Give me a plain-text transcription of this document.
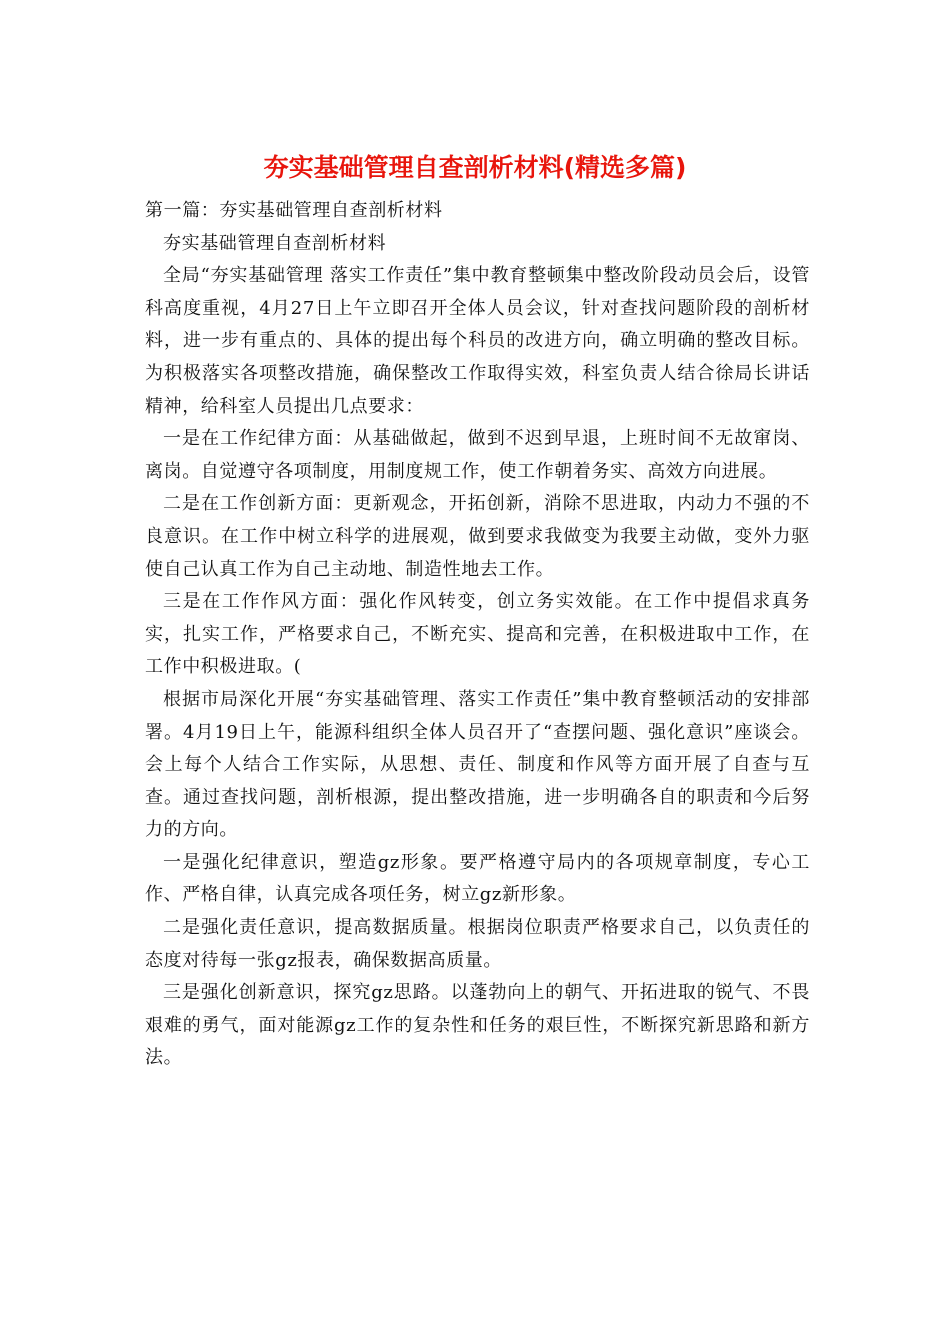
夯实基础管理自查剖析材料(精选多篇)

第一篇：夯实基础管理自查剖析材料

夯实基础管理自查剖析材料

全局“夯实基础管理 落实工作责任”集中教育整顿集中整改阶段动员会后，设管科高度重视，4月27日上午立即召开全体人员会议，针对查找问题阶段的剖析材料，进一步有重点的、具体的提出每个科员的改进方向，确立明确的整改目标。为积极落实各项整改措施，确保整改工作取得实效，科室负责人结合徐局长讲话精神，给科室人员提出几点要求：

一是在工作纪律方面：从基础做起，做到不迟到早退，上班时间不无故窜岗、离岗。自觉遵守各项制度，用制度规工作，使工作朝着务实、高效方向进展。

二是在工作创新方面：更新观念，开拓创新，消除不思进取，内动力不强的不良意识。在工作中树立科学的进展观，做到要求我做变为我要主动做，变外力驱使自己认真工作为自己主动地、制造性地去工作。

三是在工作作风方面：强化作风转变，创立务实效能。在工作中提倡求真务实，扎实工作，严格要求自己，不断充实、提高和完善，在积极进取中工作，在工作中积极进取。(

根据市局深化开展“夯实基础管理、落实工作责任”集中教育整顿活动的安排部署。4月19日上午，能源科组织全体人员召开了“查摆问题、强化意识”座谈会。会上每个人结合工作实际，从思想、责任、制度和作风等方面开展了自查与互查。通过查找问题，剖析根源，提出整改措施，进一步明确各自的职责和今后努力的方向。

一是强化纪律意识，塑造gz形象。要严格遵守局内的各项规章制度，专心工作、严格自律，认真完成各项任务，树立gz新形象。

二是强化责任意识，提高数据质量。根据岗位职责严格要求自己，以负责任的态度对待每一张gz报表，确保数据高质量。

三是强化创新意识，探究gz思路。以蓬勃向上的朝气、开拓进取的锐气、不畏艰难的勇气，面对能源gz工作的复杂性和任务的艰巨性，不断探究新思路和新方法。
